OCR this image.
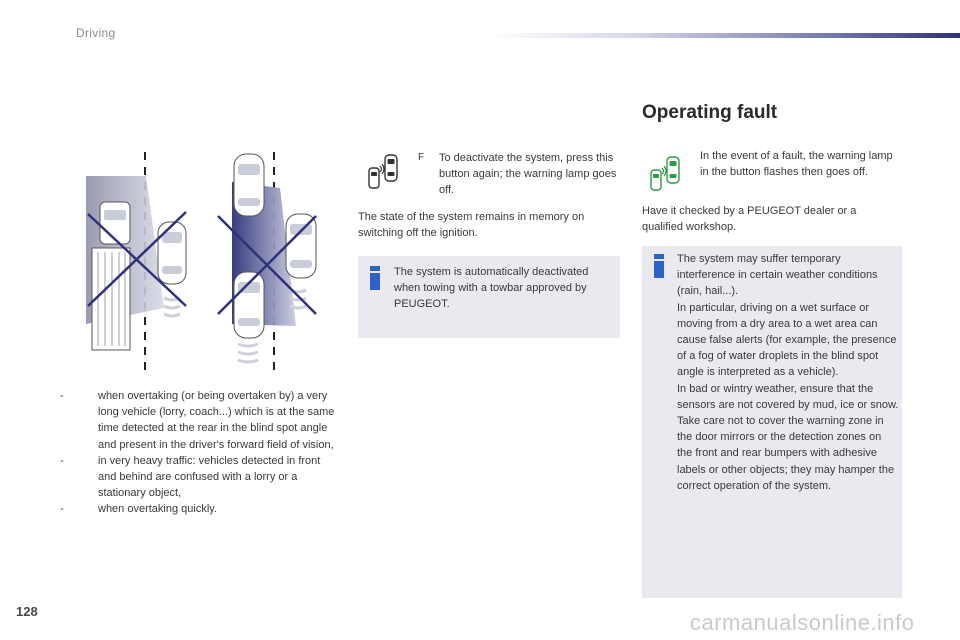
Driving
-	when overtaking (or being overtaken by) a very long vehicle (lorry, coach...) which is at the same time detected at the rear in the blind spot angle and present in the driver's forward field of vision,
-	in very heavy traffic: vehicles detected in front and behind are confused with a lorry or a stationary object,
-	when overtaking quickly.
F To deactivate the system, press this button again; the warning lamp goes off.
The state of the system remains in memory on switching off the ignition.
The system is automatically deactivated when towing with a towbar approved by PEUGEOT.
Operating fault
In the event of a fault, the warning lamp in the button flashes then goes off.
Have it checked by a PEUGEOT dealer or a qualified workshop.
The system may suffer temporary interference in certain weather conditions (rain, hail...).
In particular, driving on a wet surface or moving from a dry area to a wet area can cause false alerts (for example, the presence of a fog of water droplets in the blind spot angle is interpreted as a vehicle).
In bad or wintry weather, ensure that the sensors are not covered by mud, ice or snow.
Take care not to cover the warning zone in the door mirrors or the detection zones on the front and rear bumpers with adhesive labels or other objects; they may hamper the correct operation of the system.
128	carmanualsonline.info
